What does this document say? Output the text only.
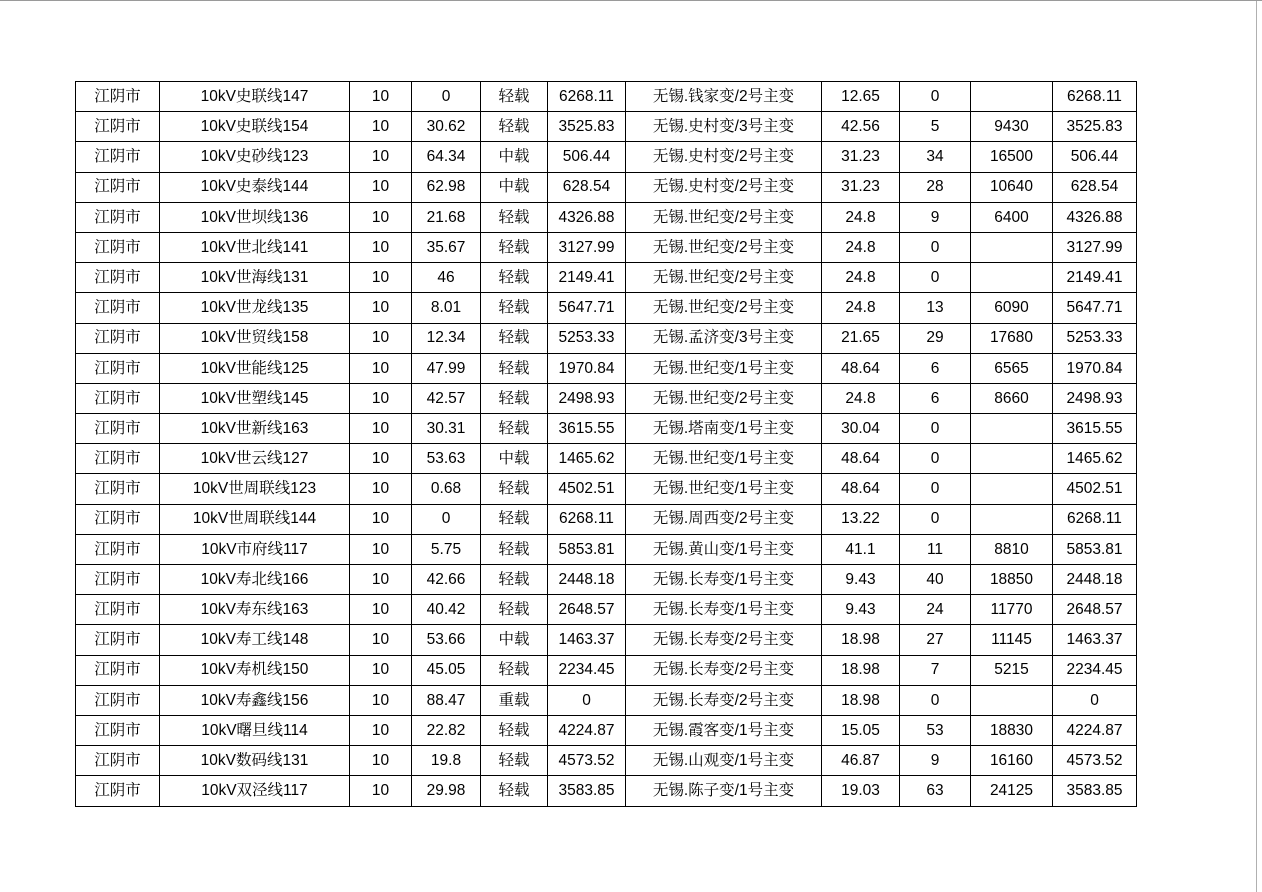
江阴市	10kV史联线147	10	0	轻载	6268.11	无锡.钱家变/2号主变	12.65	0		6268.11
江阴市	10kV史联线154	10	30.62	轻载	3525.83	无锡.史村变/3号主变	42.56	5	9430	3525.83
江阴市	10kV史砂线123	10	64.34	中载	506.44	无锡.史村变/2号主变	31.23	34	16500	506.44
江阴市	10kV史泰线144	10	62.98	中载	628.54	无锡.史村变/2号主变	31.23	28	10640	628.54
江阴市	10kV世坝线136	10	21.68	轻载	4326.88	无锡.世纪变/2号主变	24.8	9	6400	4326.88
江阴市	10kV世北线141	10	35.67	轻载	3127.99	无锡.世纪变/2号主变	24.8	0		3127.99
江阴市	10kV世海线131	10	46	轻载	2149.41	无锡.世纪变/2号主变	24.8	0		2149.41
江阴市	10kV世龙线135	10	8.01	轻载	5647.71	无锡.世纪变/2号主变	24.8	13	6090	5647.71
江阴市	10kV世贸线158	10	12.34	轻载	5253.33	无锡.孟济变/3号主变	21.65	29	17680	5253.33
江阴市	10kV世能线125	10	47.99	轻载	1970.84	无锡.世纪变/1号主变	48.64	6	6565	1970.84
江阴市	10kV世塑线145	10	42.57	轻载	2498.93	无锡.世纪变/2号主变	24.8	6	8660	2498.93
江阴市	10kV世新线163	10	30.31	轻载	3615.55	无锡.塔南变/1号主变	30.04	0		3615.55
江阴市	10kV世云线127	10	53.63	中载	1465.62	无锡.世纪变/1号主变	48.64	0		1465.62
江阴市	10kV世周联线123	10	0.68	轻载	4502.51	无锡.世纪变/1号主变	48.64	0		4502.51
江阴市	10kV世周联线144	10	0	轻载	6268.11	无锡.周西变/2号主变	13.22	0		6268.11
江阴市	10kV市府线117	10	5.75	轻载	5853.81	无锡.黄山变/1号主变	41.1	11	8810	5853.81
江阴市	10kV寿北线166	10	42.66	轻载	2448.18	无锡.长寿变/1号主变	9.43	40	18850	2448.18
江阴市	10kV寿东线163	10	40.42	轻载	2648.57	无锡.长寿变/1号主变	9.43	24	11770	2648.57
江阴市	10kV寿工线148	10	53.66	中载	1463.37	无锡.长寿变/2号主变	18.98	27	11145	1463.37
江阴市	10kV寿机线150	10	45.05	轻载	2234.45	无锡.长寿变/2号主变	18.98	7	5215	2234.45
江阴市	10kV寿鑫线156	10	88.47	重载	0	无锡.长寿变/2号主变	18.98	0		0
江阴市	10kV曙旦线114	10	22.82	轻载	4224.87	无锡.霞客变/1号主变	15.05	53	18830	4224.87
江阴市	10kV数码线131	10	19.8	轻载	4573.52	无锡.山观变/1号主变	46.87	9	16160	4573.52
江阴市	10kV双泾线117	10	29.98	轻载	3583.85	无锡.陈子变/1号主变	19.03	63	24125	3583.85
